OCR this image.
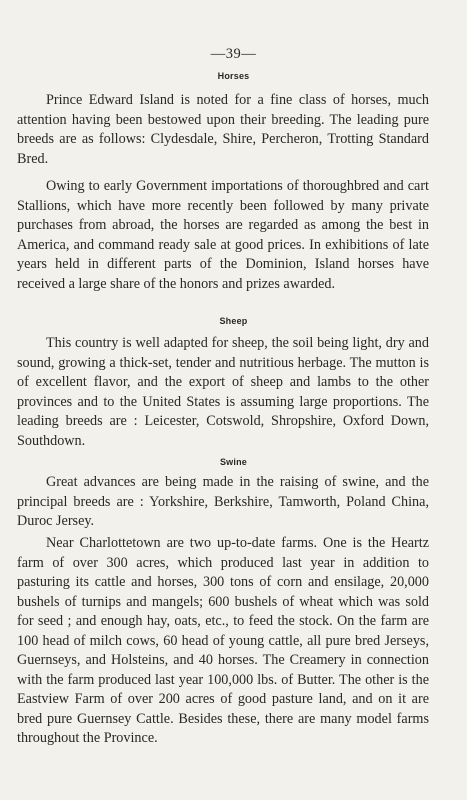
—39—
Horses

Prince Edward Island is noted for a fine class of horses, much attention having been bestowed upon their breeding. The leading pure breeds are as follows: Clydesdale, Shire, Percheron, Trotting Standard Bred.

Owing to early Government importations of thoroughbred and cart Stallions, which have more recently been followed by many private purchases from abroad, the horses are regarded as among the best in America, and command ready sale at good prices. In exhibitions of late years held in different parts of the Dominion, Island horses have received a large share of the honors and prizes awarded.

Sheep

This country is well adapted for sheep, the soil being light, dry and sound, growing a thick-set, tender and nutritious herbage. The mutton is of excellent flavor, and the export of sheep and lambs to the other provinces and to the United States is assuming large proportions. The leading breeds are : Leicester, Cotswold, Shropshire, Oxford Down, Southdown.

Swine

Great advances are being made in the raising of swine, and the principal breeds are : Yorkshire, Berkshire, Tamworth, Poland China, Duroc Jersey.

Near Charlottetown are two up-to-date farms. One is the Heartz farm of over 300 acres, which produced last year in addition to pasturing its cattle and horses, 300 tons of corn and ensilage, 20,000 bushels of turnips and mangels; 600 bushels of wheat which was sold for seed ; and enough hay, oats, etc., to feed the stock. On the farm are 100 head of milch cows, 60 head of young cattle, all pure bred Jerseys, Guernseys, and Holsteins, and 40 horses. The Creamery in connection with the farm produced last year 100,000 lbs. of Butter. The other is the Eastview Farm of over 200 acres of good pasture land, and on it are bred pure Guernsey Cattle. Besides these, there are many model farms throughout the Province.
